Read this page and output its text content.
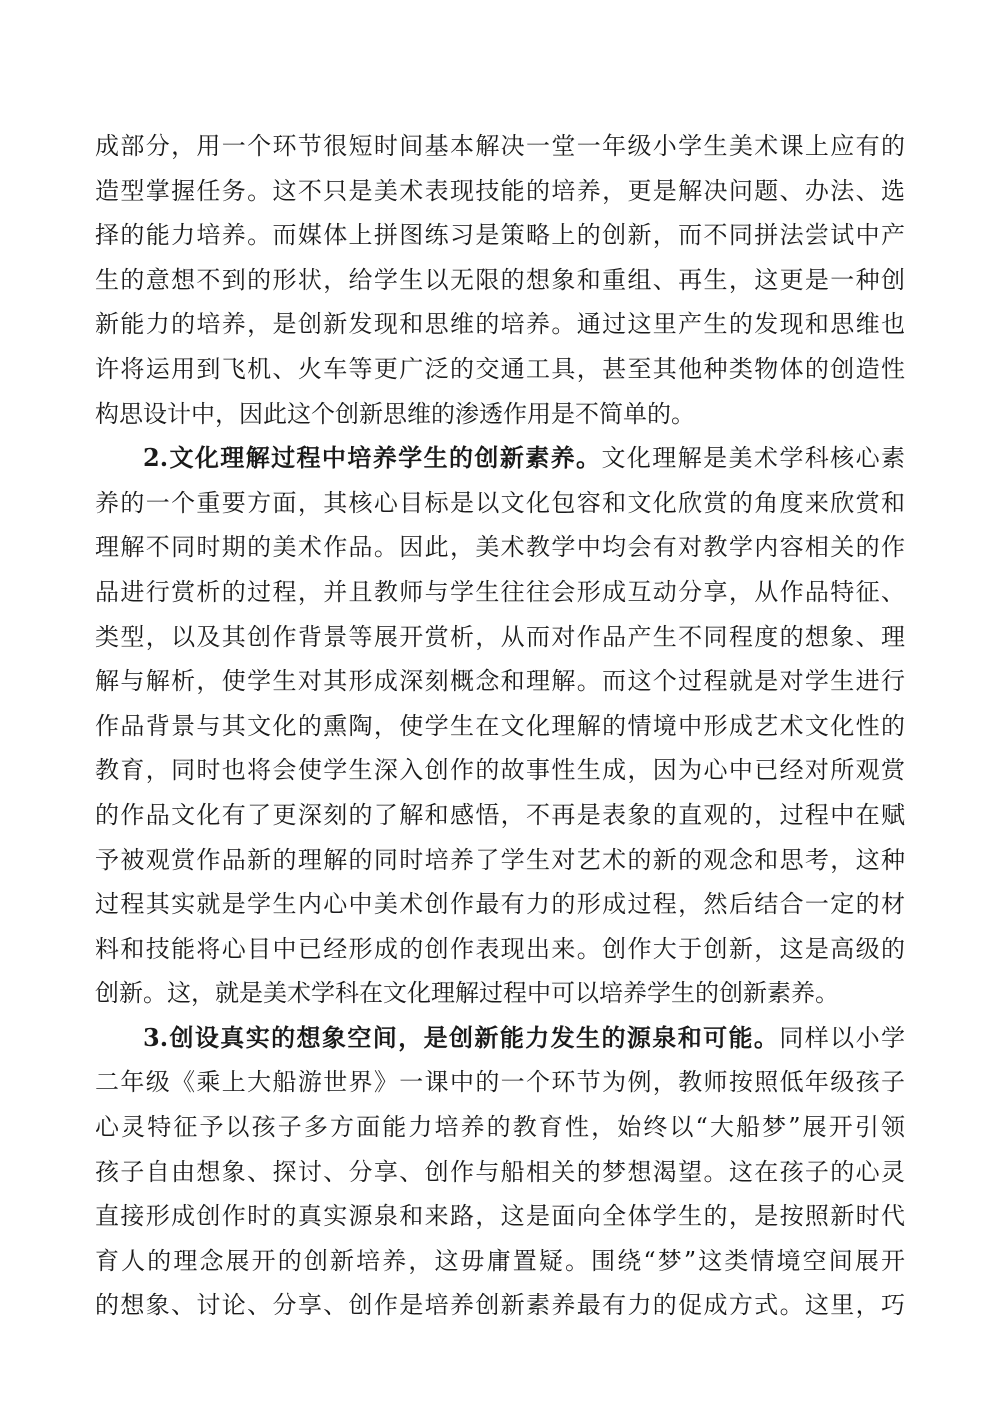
成部分，用一个环节很短时间基本解决一堂一年级小学生美术课上应有的
造型掌握任务。这不只是美术表现技能的培养，更是解决问题、办法、选
择的能力培养。而媒体上拼图练习是策略上的创新，而不同拼法尝试中产
生的意想不到的形状，给学生以无限的想象和重组、再生，这更是一种创
新能力的培养，是创新发现和思维的培养。通过这里产生的发现和思维也
许将运用到飞机、火车等更广泛的交通工具，甚至其他种类物体的创造性
构思设计中，因此这个创新思维的渗透作用是不简单的。
2.文化理解过程中培养学生的创新素养。文化理解是美术学科核心素
养的一个重要方面，其核心目标是以文化包容和文化欣赏的角度来欣赏和
理解不同时期的美术作品。因此，美术教学中均会有对教学内容相关的作
品进行赏析的过程，并且教师与学生往往会形成互动分享，从作品特征、
类型，以及其创作背景等展开赏析，从而对作品产生不同程度的想象、理
解与解析，使学生对其形成深刻概念和理解。而这个过程就是对学生进行
作品背景与其文化的熏陶，使学生在文化理解的情境中形成艺术文化性的
教育，同时也将会使学生深入创作的故事性生成，因为心中已经对所观赏
的作品文化有了更深刻的了解和感悟，不再是表象的直观的，过程中在赋
予被观赏作品新的理解的同时培养了学生对艺术的新的观念和思考，这种
过程其实就是学生内心中美术创作最有力的形成过程，然后结合一定的材
料和技能将心目中已经形成的创作表现出来。创作大于创新，这是高级的
创新。这，就是美术学科在文化理解过程中可以培养学生的创新素养。
3.创设真实的想象空间，是创新能力发生的源泉和可能。同样以小学
二年级《乘上大船游世界》一课中的一个环节为例，教师按照低年级孩子
心灵特征予以孩子多方面能力培养的教育性，始终以“大船梦”展开引领
孩子自由想象、探讨、分享、创作与船相关的梦想渴望。这在孩子的心灵
直接形成创作时的真实源泉和来路，这是面向全体学生的，是按照新时代
育人的理念展开的创新培养，这毋庸置疑。围绕“梦”这类情境空间展开
的想象、讨论、分享、创作是培养创新素养最有力的促成方式。这里，巧
